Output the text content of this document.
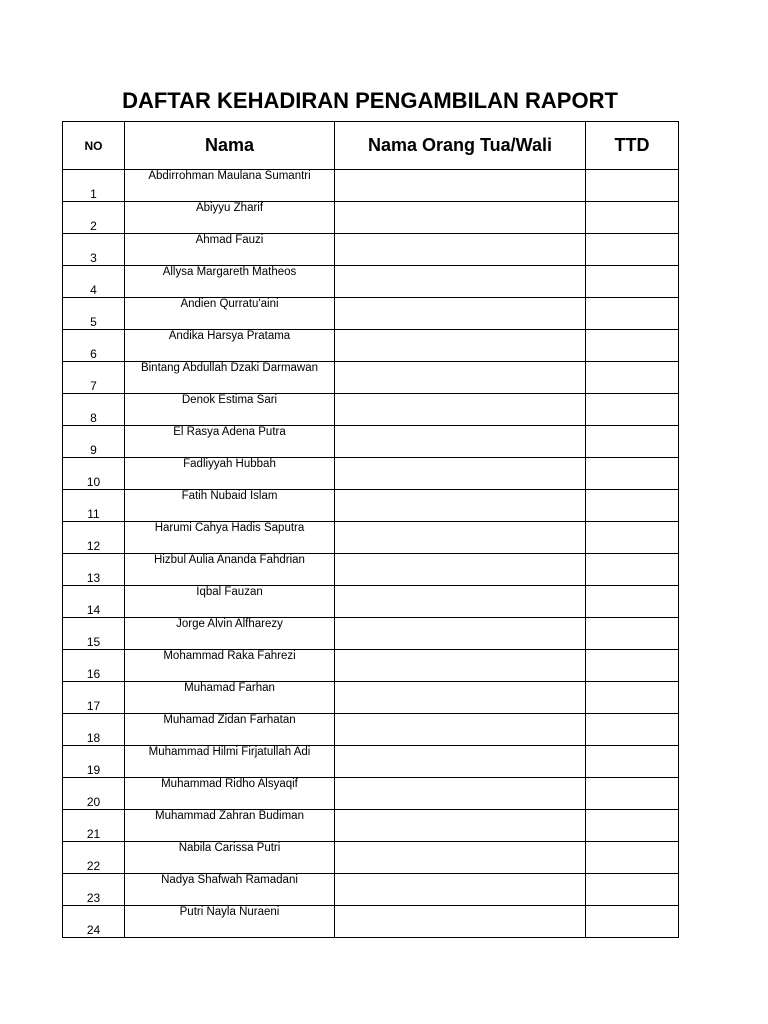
DAFTAR KEHADIRAN PENGAMBILAN RAPORT
NO	Nama	Nama Orang Tua/Wali	TTD
1	Abdirrohman Maulana Sumantri		
2	Abiyyu Zharif		
3	Ahmad Fauzi		
4	Allysa Margareth Matheos		
5	Andien Qurratu'aini		
6	Andika Harsya Pratama		
7	Bintang Abdullah Dzaki Darmawan		
8	Denok Estima Sari		
9	El Rasya Adena Putra		
10	Fadliyyah Hubbah		
11	Fatih Nubaid Islam		
12	Harumi Cahya Hadis Saputra		
13	Hizbul Aulia Ananda Fahdrian		
14	Iqbal Fauzan		
15	Jorge Alvin Alfharezy		
16	Mohammad Raka Fahrezi		
17	Muhamad Farhan		
18	Muhamad Zidan Farhatan		
19	Muhammad Hilmi Firjatullah Adi		
20	Muhammad Ridho Alsyaqif		
21	Muhammad Zahran Budiman		
22	Nabila Carissa Putri		
23	Nadya Shafwah Ramadani		
24	Putri Nayla Nuraeni		
